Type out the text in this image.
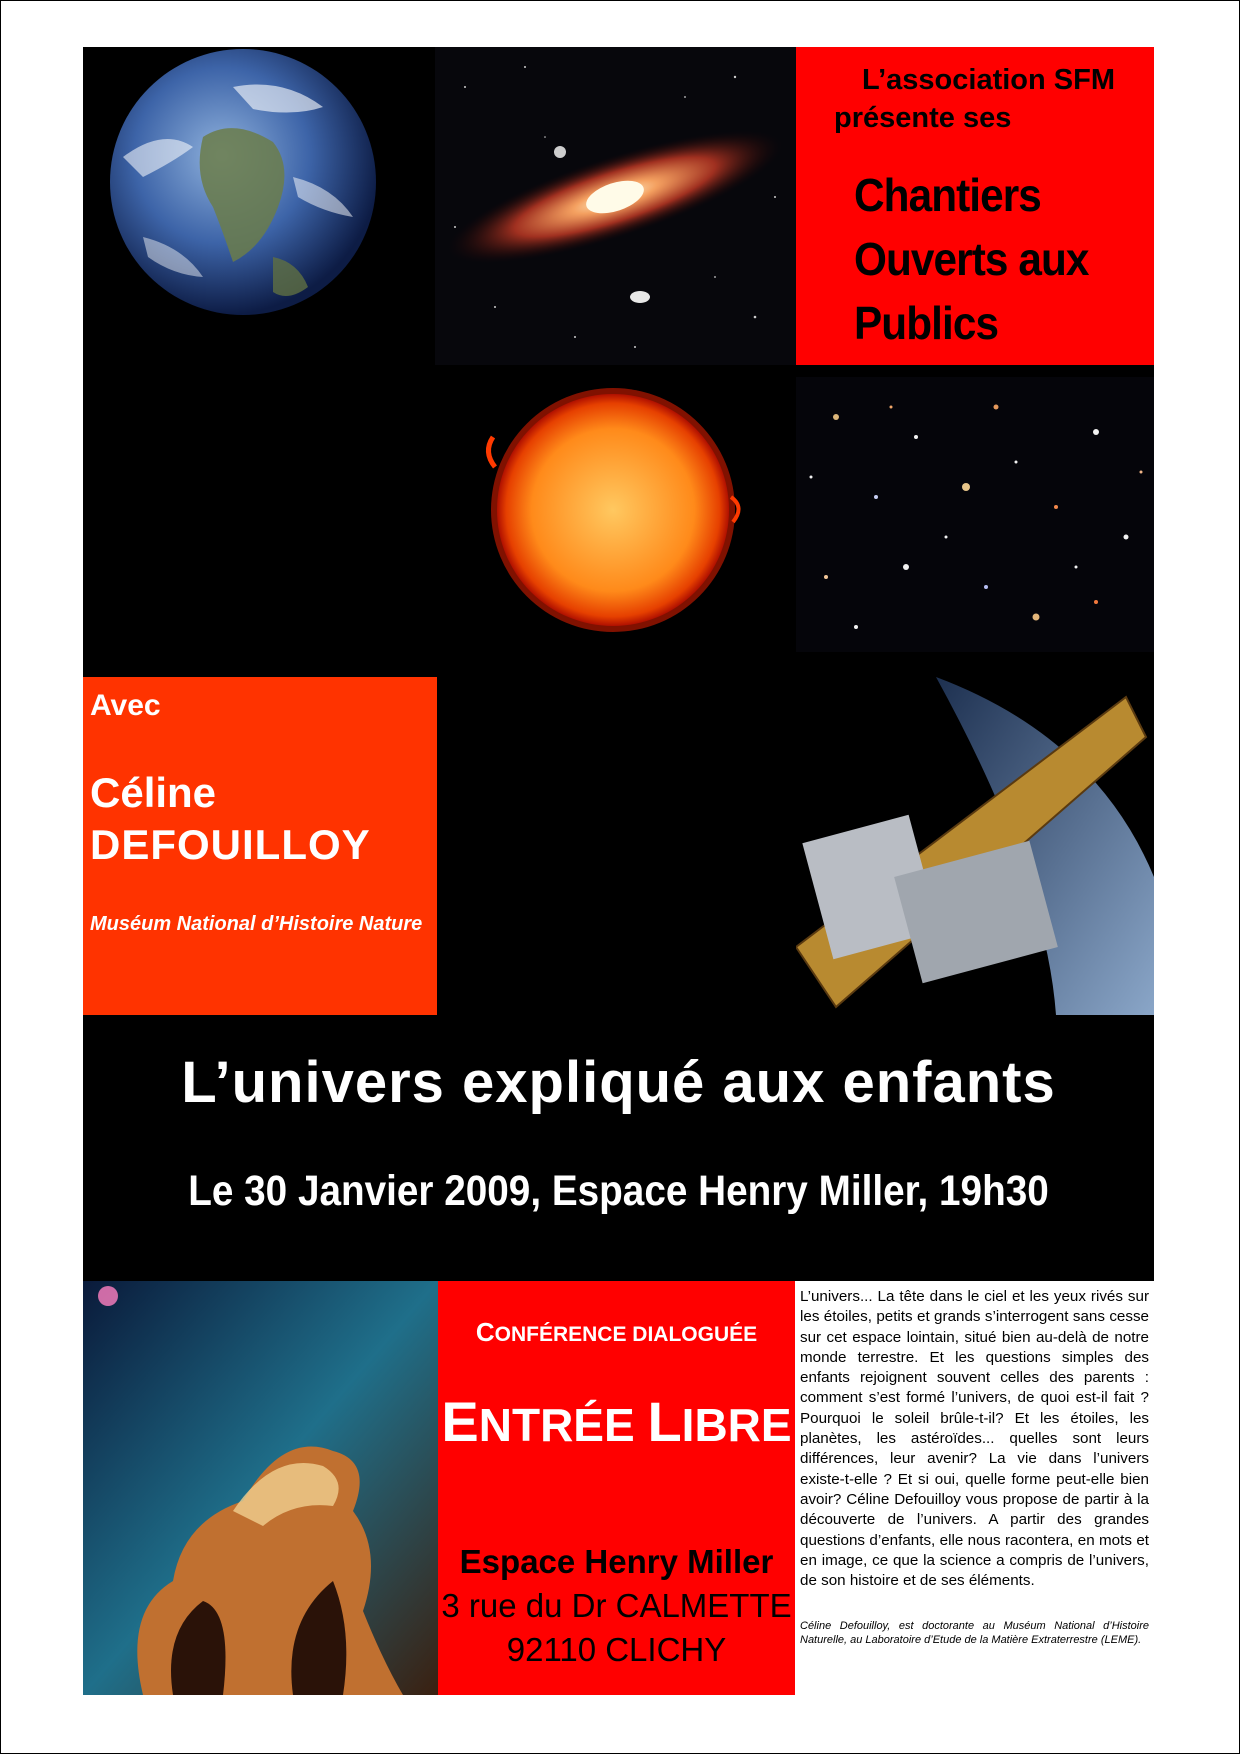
L’association SFM
présente ses
Chantiers
Ouverts aux
Publics
Avec
Céline
DEFOUILLOY
Muséum National d’Histoire Nature
L’univers expliqué aux enfants
Le 30 Janvier 2009, Espace Henry Miller, 19h30
CONFÉRENCE DIALOGUÉE
ENTRÉE LIBRE
Espace Henry Miller
3 rue du Dr CALMETTE
92110 CLICHY
L’univers... La tête dans le ciel et les yeux rivés sur les étoiles, petits et grands s’interrogent sans cesse sur cet espace lointain, situé bien au-delà de notre monde terrestre. Et les questions simples des enfants rejoignent souvent celles des parents : comment s’est formé l’univers, de quoi est-il fait ? Pourquoi le soleil brûle-t-il? Et les étoiles, les planètes, les astéroïdes... quelles sont leurs différences, leur avenir? La vie dans l’univers existe-t-elle ? Et si oui, quelle forme peut-elle bien avoir? Céline Defouilloy vous propose de partir à la découverte de l’univers. A partir des grandes questions d’enfants, elle nous racontera, en mots et en image, ce que la science a compris de l’univers, de son histoire et de ses éléments.
Céline Defouilloy, est doctorante au Muséum National d’Histoire Naturelle, au Laboratoire d’Etude de la Matière Extraterrestre (LEME).
